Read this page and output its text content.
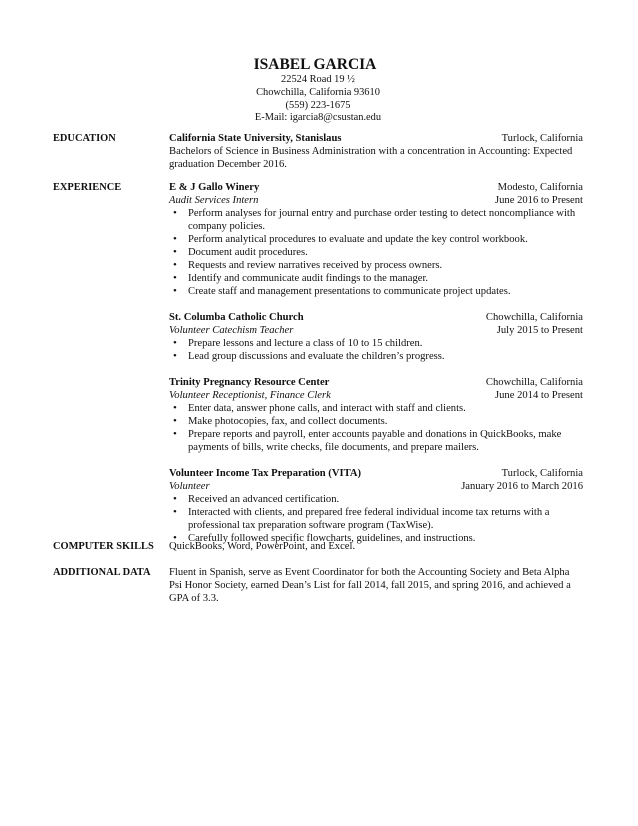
ISABEL GARCIA
22524 Road 19 ½
Chowchilla, California 93610
(559) 223-1675
E-Mail: igarcia8@csustan.edu
EDUCATION	California State University, Stanislaus	Turlock, California

Bachelors of Science in Business Administration with a concentration in Accounting: Expected graduation December 2016.

EXPERIENCE	E & J Gallo Winery	Modesto, California
Audit Services Intern	June 2016 to Present
• Perform analyses for journal entry and purchase order testing to detect noncompliance with company policies.
• Perform analytical procedures to evaluate and update the key control workbook.
• Document audit procedures.
• Requests and review narratives received by process owners.
• Identify and communicate audit findings to the manager.
• Create staff and management presentations to communicate project updates.
St. Columba Catholic Church	Chowchilla, California
Volunteer Catechism Teacher	July 2015 to Present
• Prepare lessons and lecture a class of 10 to 15 children.
• Lead group discussions and evaluate the children’s progress.
Trinity Pregnancy Resource Center	Chowchilla, California
Volunteer Receptionist, Finance Clerk	June 2014 to Present
• Enter data, answer phone calls, and interact with staff and clients.
• Make photocopies, fax, and collect documents.
• Prepare reports and payroll, enter accounts payable and donations in QuickBooks, make payments of bills, write checks, file documents, and prepare mailers.
Volunteer Income Tax Preparation (VITA)	Turlock, California
Volunteer	January 2016 to March 2016
• Received an advanced certification.
• Interacted with clients, and prepared free federal individual income tax returns with a professional tax preparation software program (TaxWise).
• Carefully followed specific flowcharts, guidelines, and instructions.
COMPUTER SKILLS QuickBooks, Word, PowerPoint, and Excel.

ADDITIONAL DATA Fluent in Spanish, serve as Event Coordinator for both the Accounting Society and Beta Alpha Psi Honor Society, earned Dean’s List for fall 2014, fall 2015, and spring 2016, and achieved a GPA of 3.3.
